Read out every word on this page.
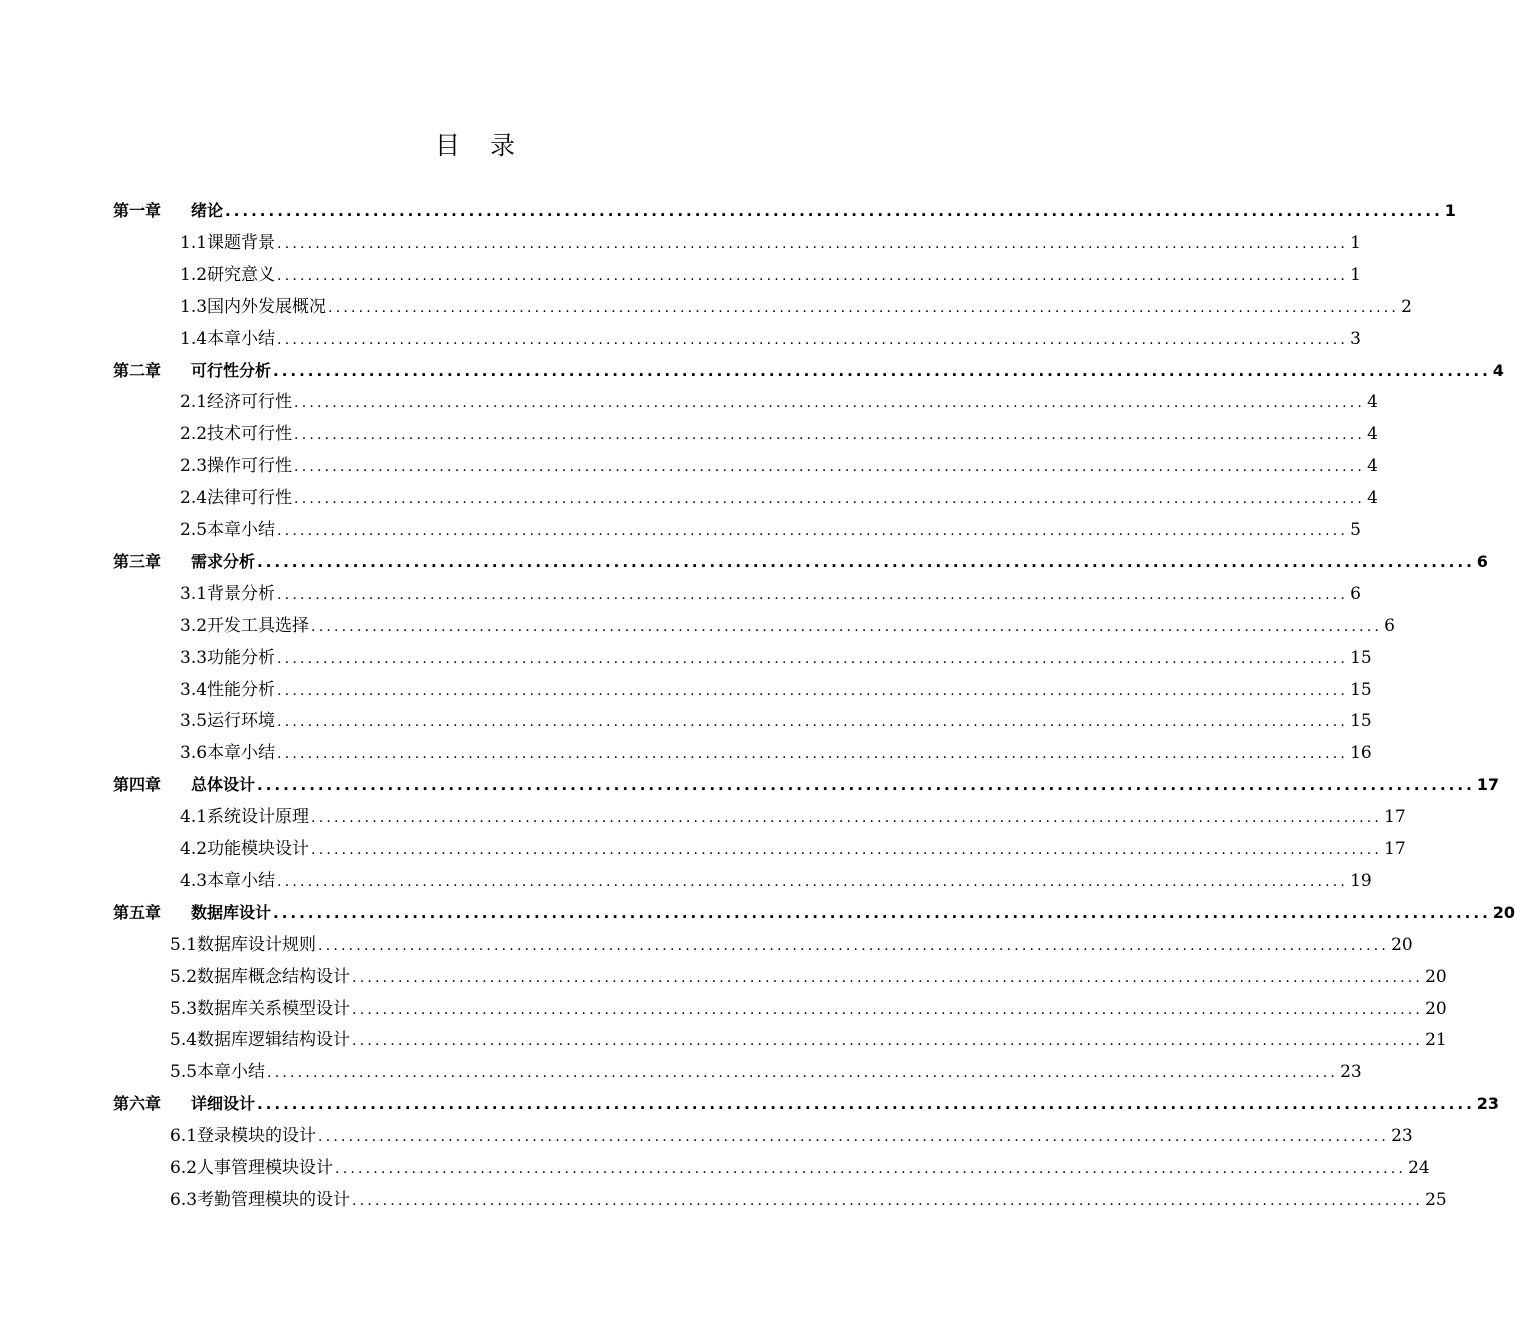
目 录
第一章 绪论 ............................................................................................................................................ 1
1.1课题背景 ............................................................................................................................................ 1
1.2研究意义 ............................................................................................................................................ 1
1.3国内外发展概况 ............................................................................................................................................ 2
1.4本章小结 ............................................................................................................................................ 3
第二章 可行性分析 ............................................................................................................................................ 4
2.1经济可行性 ............................................................................................................................................ 4
2.2技术可行性 ............................................................................................................................................ 4
2.3操作可行性 ............................................................................................................................................ 4
2.4法律可行性 ............................................................................................................................................ 4
2.5本章小结 ............................................................................................................................................ 5
第三章 需求分析 ............................................................................................................................................ 6
3.1背景分析 ............................................................................................................................................ 6
3.2开发工具选择 ............................................................................................................................................ 6
3.3功能分析 ............................................................................................................................................ 15
3.4性能分析 ............................................................................................................................................ 15
3.5运行环境 ............................................................................................................................................ 15
3.6本章小结 ............................................................................................................................................ 16
第四章 总体设计 ............................................................................................................................................ 17
4.1系统设计原理 ............................................................................................................................................ 17
4.2功能模块设计 ............................................................................................................................................ 17
4.3本章小结 ............................................................................................................................................ 19
第五章 数据库设计 ............................................................................................................................................ 20
5.1数据库设计规则 ............................................................................................................................................ 20
5.2数据库概念结构设计 ............................................................................................................................................ 20
5.3数据库关系模型设计 ............................................................................................................................................ 20
5.4数据库逻辑结构设计 ............................................................................................................................................ 21
5.5本章小结 ............................................................................................................................................ 23
第六章 详细设计 ............................................................................................................................................ 23
6.1登录模块的设计 ............................................................................................................................................ 23
6.2人事管理模块设计 ............................................................................................................................................ 24
6.3考勤管理模块的设计 ............................................................................................................................................ 25
